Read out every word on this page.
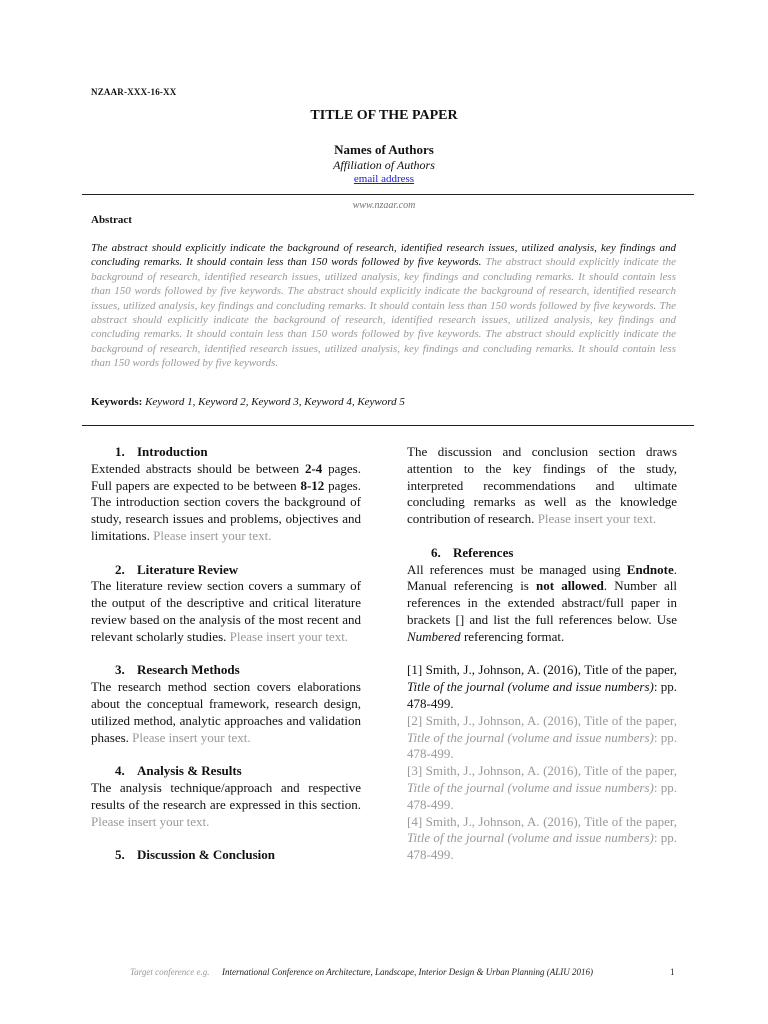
NZAAR-XXX-16-XX
TITLE OF THE PAPER
Names of Authors
Affiliation of Authors
email address
www.nzaar.com
Abstract
The abstract should explicitly indicate the background of research, identified research issues, utilized analysis, key findings and concluding remarks. It should contain less than 150 words followed by five keywords. The abstract should explicitly indicate the background of research, identified research issues, utilized analysis, key findings and concluding remarks. It should contain less than 150 words followed by five keywords. The abstract should explicitly indicate the background of research, identified research issues, utilized analysis, key findings and concluding remarks. It should contain less than 150 words followed by five keywords. The abstract should explicitly indicate the background of research, identified research issues, utilized analysis, key findings and concluding remarks. It should contain less than 150 words followed by five keywords. The abstract should explicitly indicate the background of research, identified research issues, utilized analysis, key findings and concluding remarks. It should contain less than 150 words followed by five keywords.
Keywords: Keyword 1, Keyword 2, Keyword 3, Keyword 4, Keyword 5
1. Introduction

Extended abstracts should be between 2-4 pages. Full papers are expected to be between 8-12 pages. The introduction section covers the background of study, research issues and problems, objectives and limitations. Please insert your text.

2. Literature Review

The literature review section covers a summary of the output of the descriptive and critical literature review based on the analysis of the most recent and relevant scholarly studies. Please insert your text.

3. Research Methods

The research method section covers elaborations about the conceptual framework, research design, utilized method, analytic approaches and validation phases. Please insert your text.

4. Analysis & Results

The analysis technique/approach and respective results of the research are expressed in this section. Please insert your text.

5. Discussion & Conclusion

The discussion and conclusion section draws attention to the key findings of the study, interpreted recommendations and ultimate concluding remarks as well as the knowledge contribution of research. Please insert your text.

6. References

All references must be managed using Endnote. Manual referencing is not allowed. Number all references in the extended abstract/full paper in brackets [] and list the full references below. Use Numbered referencing format.

[1] Smith, J., Johnson, A. (2016), Title of the paper, Title of the journal (volume and issue numbers): pp. 478-499.

[2] Smith, J., Johnson, A. (2016), Title of the paper, Title of the journal (volume and issue numbers): pp. 478-499.

[3] Smith, J., Johnson, A. (2016), Title of the paper, Title of the journal (volume and issue numbers): pp. 478-499.

[4] Smith, J., Johnson, A. (2016), Title of the paper, Title of the journal (volume and issue numbers): pp. 478-499.

Target conference e.g. International Conference on Architecture, Landscape, Interior Design & Urban Planning (ALIU 2016)	1
